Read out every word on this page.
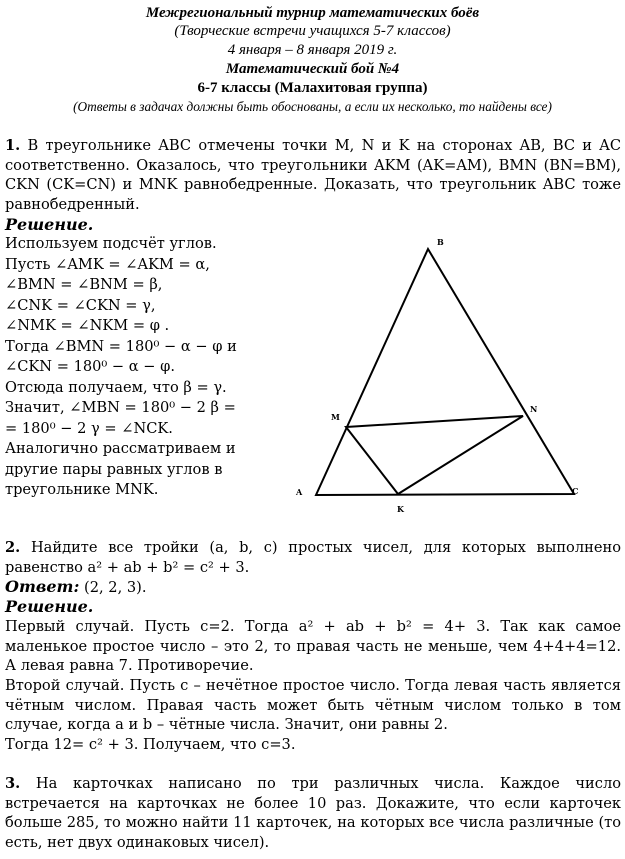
Межрегиональный турнир математических боёв
(Творческие встречи учащихся 5-7 классов)
4 января – 8 января 2019 г.
Математический бой №4
6-7 классы (Малахитовая группа)
(Ответы в задачах должны быть обоснованы, а если их несколько, то найдены все)
1. В треугольнике ABC отмечены точки M, N и K на сторонах AB, BC и AC соответственно. Оказалось, что треугольники AKM (AK=AM), BMN (BN=BM), CKN (CK=CN) и MNK равнобедренные. Доказать, что треугольник ABC тоже равнобедренный.
Решение.
Используем подсчёт углов.
Пусть ∠AMK = ∠AKM = α,
∠BMN = ∠BNM = β,
∠CNK = ∠CKN = γ,
∠NMK = ∠NKM = φ .
Тогда ∠BMN = 180⁰ − α − φ и
∠CKN = 180⁰ − α − φ.
Отсюда получаем, что β = γ.
Значит, ∠MBN = 180⁰ − 2 β =
= 180⁰ − 2 γ = ∠NCK.
Аналогично рассматриваем и
другие пары равных углов в
треугольнике MNK.
B
A	C
M
N
K
2. Найдите все тройки (a, b, c) простых чисел, для которых выполнено равенство a² + ab + b² = c² + 3.
Ответ: (2, 2, 3).
Решение.
Первый случай. Пусть c=2. Тогда a² + ab + b² = 4+ 3. Так как самое маленькое простое число – это 2, то правая часть не меньше, чем 4+4+4=12. А левая равна 7. Противоречие.
Второй случай. Пусть c – нечётное простое число. Тогда левая часть является чётным числом. Правая часть может быть чётным числом только в том случае, когда a и b – чётные числа. Значит, они равны 2.
Тогда 12= c² + 3. Получаем, что c=3.
3. На карточках написано по три различных числа. Каждое число встречается на карточках не более 10 раз. Докажите, что если карточек больше 285, то можно найти 11 карточек, на которых все числа различные (то есть, нет двух одинаковых чисел).
